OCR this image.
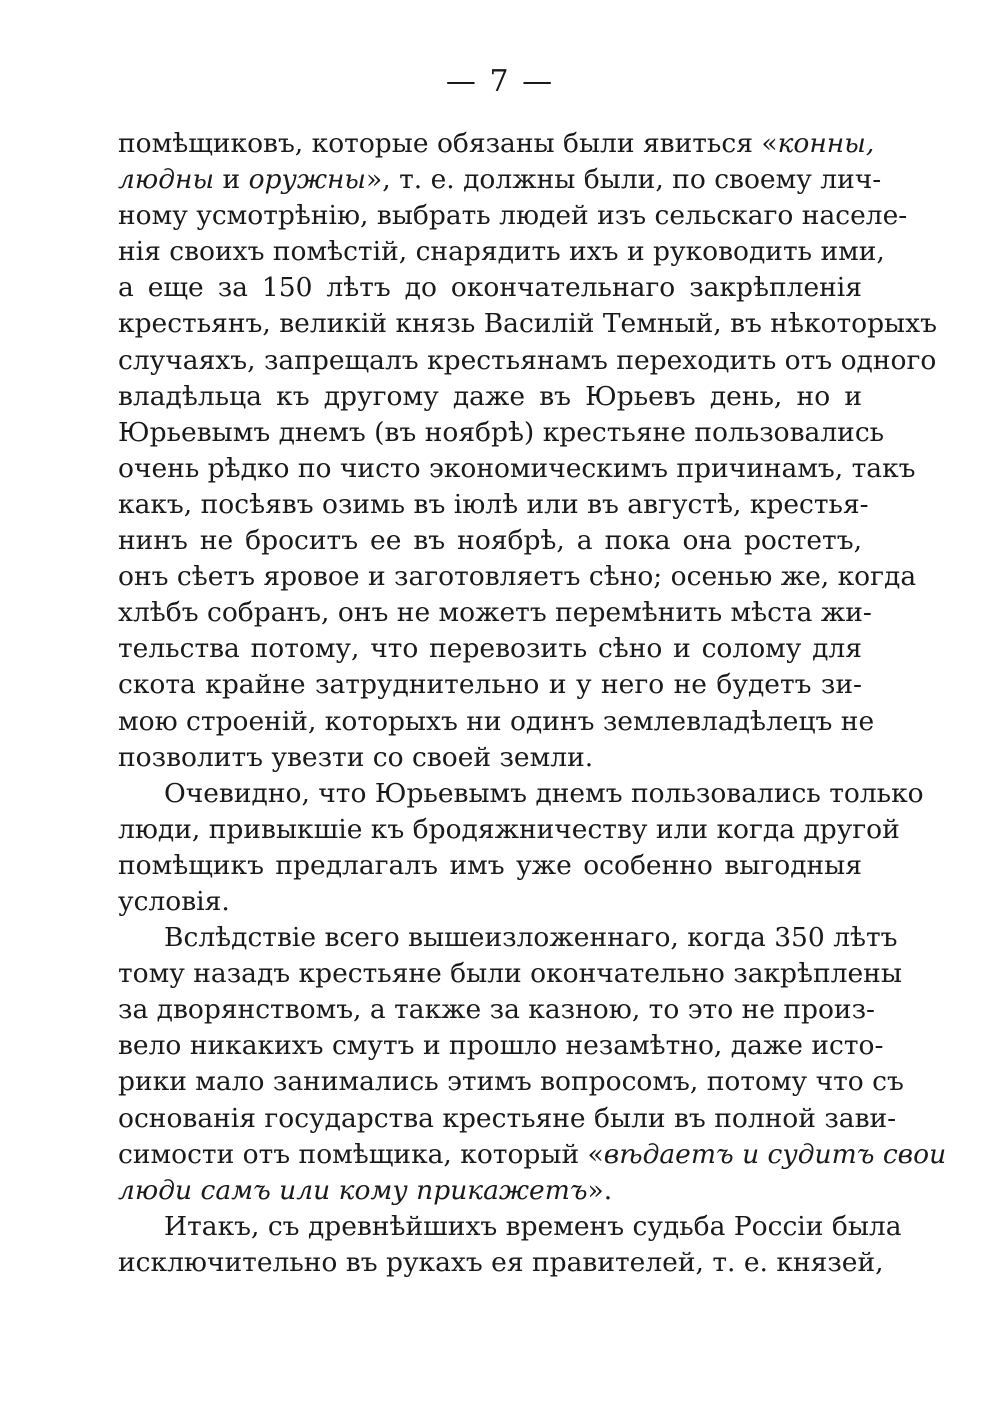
— 7 —
помѣщиковъ, которые обязаны были явиться «конны,
людны и оружны», т. е. должны были, по своему лич-
ному усмотрѣнію, выбрать людей изъ сельскаго населе-
нія своихъ помѣстій, снарядить ихъ и руководить ими,
а еще за 150 лѣтъ до окончательнаго закрѣпленія
крестьянъ, великій князь Василій Темный, въ нѣкоторыхъ
случаяхъ, запрещалъ крестьянамъ переходить отъ одного
владѣльца къ другому даже въ Юрьевъ день, но и
Юрьевымъ днемъ (въ ноябрѣ) крестьяне пользовались
очень рѣдко по чисто экономическимъ причинамъ, такъ
какъ, посѣявъ озимь въ іюлѣ или въ августѣ, крестья-
нинъ не броситъ ее въ ноябрѣ, а пока она ростетъ,
онъ сѣетъ яровое и заготовляетъ сѣно; осенью же, когда
хлѣбъ собранъ, онъ не можетъ перемѣнить мѣста жи-
тельства потому, что перевозить сѣно и солому для
скота крайне затруднительно и у него не будетъ зи-
мою строеній, которыхъ ни одинъ землевладѣлецъ не
позволитъ увезти со своей земли.
Очевидно, что Юрьевымъ днемъ пользовались только
люди, привыкшіе къ бродяжничеству или когда другой
помѣщикъ предлагалъ имъ уже особенно выгодныя
условія.
Вслѣдствіе всего вышеизложеннаго, когда 350 лѣтъ
тому назадъ крестьяне были окончательно закрѣплены
за дворянствомъ, а также за казною, то это не произ-
вело никакихъ смутъ и прошло незамѣтно, даже исто-
рики мало занимались этимъ вопросомъ, потому что съ
основанія государства крестьяне были въ полной зави-
симости отъ помѣщика, который «вѣдаетъ и судитъ свои
люди самъ или кому прикажетъ».
Итакъ, съ древнѣйшихъ временъ судьба Россіи была
исключительно въ рукахъ ея правителей, т. е. князей,
